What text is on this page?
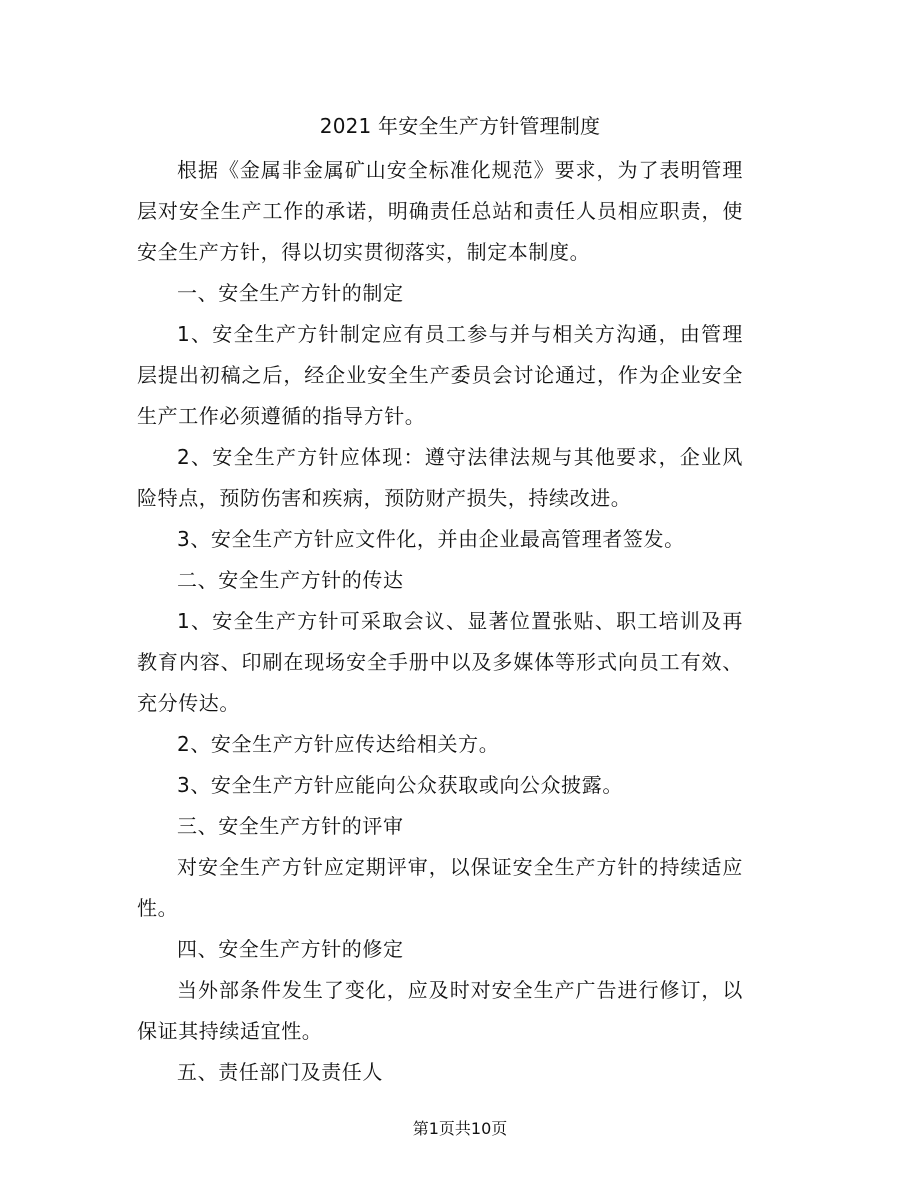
2021 年安全生产方针管理制度

根据《金属非金属矿山安全标准化规范》要求，为了表明管理层对安全生产工作的承诺，明确责任总站和责任人员相应职责，使安全生产方针，得以切实贯彻落实，制定本制度。

一、安全生产方针的制定

1、安全生产方针制定应有员工参与并与相关方沟通，由管理层提出初稿之后，经企业安全生产委员会讨论通过，作为企业安全生产工作必须遵循的指导方针。

2、安全生产方针应体现：遵守法律法规与其他要求，企业风险特点，预防伤害和疾病，预防财产损失，持续改进。

3、安全生产方针应文件化，并由企业最高管理者签发。

二、安全生产方针的传达

1、安全生产方针可采取会议、显著位置张贴、职工培训及再教育内容、印刷在现场安全手册中以及多媒体等形式向员工有效、充分传达。

2、安全生产方针应传达给相关方。

3、安全生产方针应能向公众获取或向公众披露。

三、安全生产方针的评审

对安全生产方针应定期评审，以保证安全生产方针的持续适应性。

四、安全生产方针的修定

当外部条件发生了变化，应及时对安全生产广告进行修订，以保证其持续适宜性。

五、责任部门及责任人

第1页共10页
